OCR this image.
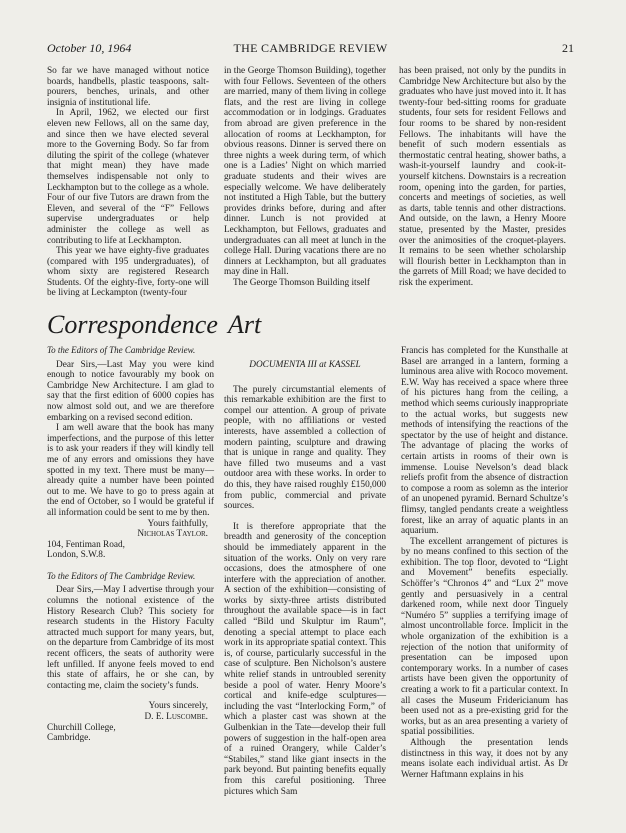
October 10, 1964	THE CAMBRIDGE REVIEW	21

So far we have managed without notice boards, handbells, plastic teaspoons, salt-pourers, benches, urinals, and other insignia of institutional life.

In April, 1962, we elected our first eleven new Fellows, all on the same day, and since then we have elected several more to the Governing Body. So far from diluting the spirit of the college (whatever that might mean) they have made themselves indispensable not only to Leckhampton but to the college as a whole. Four of our five Tutors are drawn from the Eleven, and several of the “F” Fellows supervise undergraduates or help administer the college as well as contributing to life at Leckhampton.

This year we have eighty-five graduates (compared with 195 undergraduates), of whom sixty are registered Research Students. Of the eighty-five, forty-one will be living at Leckampton (twenty-four

in the George Thomson Building), together with four Fellows. Seventeen of the others are married, many of them living in college flats, and the rest are living in college accommodation or in lodgings. Graduates from abroad are given preference in the allocation of rooms at Leckhampton, for obvious reasons. Dinner is served there on three nights a week during term, of which one is a Ladies’ Night on which married graduate students and their wives are especially welcome. We have deliberately not instituted a High Table, but the buttery provides drinks before, during and after dinner. Lunch is not provided at Leckhampton, but Fellows, graduates and undergraduates can all meet at lunch in the college Hall. During vacations there are no dinners at Leckhampton, but all graduates may dine in Hall.

The George Thomson Building itself

has been praised, not only by the pundits in Cambridge New Architecture but also by the graduates who have just moved into it. It has twenty-four bed-sitting rooms for graduate students, four sets for resident Fellows and four rooms to be shared by non-resident Fellows. The inhabitants will have the benefit of such modern essentials as thermostatic central heating, shower baths, a wash-it-yourself laundry and cook-it-yourself kitchens. Downstairs is a recreation room, opening into the garden, for parties, concerts and meetings of societies, as well as darts, table tennis and other distractions. And outside, on the lawn, a Henry Moore statue, presented by the Master, presides over the animosities of the croquet-players. It remains to be seen whether scholarship will flourish better in Leckhampton than in the garrets of Mill Road; we have decided to risk the experiment.

Correspondence

To the Editors of The Cambridge Review.

Dear Sirs,—Last May you were kind enough to notice favourably my book on Cambridge New Architecture. I am glad to say that the first edition of 6000 copies has now almost sold out, and we are therefore embarking on a revised second edition.

I am well aware that the book has many imperfections, and the purpose of this letter is to ask your readers if they will kindly tell me of any errors and omissions they have spotted in my text. There must be many—already quite a number have been pointed out to me. We have to go to press again at the end of October, so I would be grateful if all information could be sent to me by then.

Yours faithfully,

Nicholas Taylor.

104, Fentiman Road,

London, S.W.8.

To the Editors of The Cambridge Review.

Dear Sirs,—May I advertise through your columns the notional existence of the History Research Club? This society for research students in the History Faculty attracted much support for many years, but, on the departure from Cambridge of its most recent officers, the seats of authority were left unfilled. If anyone feels moved to end this state of affairs, he or she can, by contacting me, claim the society’s funds.

Yours sincerely,

D. E. Luscombe.

Churchill College,

Cambridge.

Art

DOCUMENTA III at KASSEL

The purely circumstantial elements of this remarkable exhibition are the first to compel our attention. A group of private people, with no affiliations or vested interests, have assembled a collection of modern painting, sculpture and drawing that is unique in range and quality. They have filled two museums and a vast outdoor area with these works. In order to do this, they have raised roughly £150,000 from public, commercial and private sources.

It is therefore appropriate that the breadth and generosity of the conception should be immediately apparent in the situation of the works. Only on very rare occasions, does the atmosphere of one interfere with the appreciation of another. A section of the exhibition—consisting of works by sixty-three artists distributed throughout the available space—is in fact called “Bild und Skulptur im Raum”, denoting a special attempt to place each work in its appropriate spatial context. This is, of course, particularly successful in the case of sculpture. Ben Nicholson’s austere white relief stands in untroubled serenity beside a pool of water. Henry Moore’s cortical and knife-edge sculptures—including the vast “Interlocking Form,” of which a plaster cast was shown at the Gulbenkian in the Tate—develop their full powers of suggestion in the half-open area of a ruined Orangery, while Calder’s “Stabiles,” stand like giant insects in the park beyond. But painting benefits equally from this careful positioning. Three pictures which Sam

Francis has completed for the Kunsthalle at Basel are arranged in a lantern, forming a luminous area alive with Rococo movement. E.W. Way has received a space where three of his pictures hang from the ceiling, a method which seems curiously inappropriate to the actual works, but suggests new methods of intensifying the reactions of the spectator by the use of height and distance. The advantage of placing the works of certain artists in rooms of their own is immense. Louise Nevelson’s dead black reliefs profit from the absence of distraction to compose a room as solemn as the interior of an unopened pyramid. Bernard Schultze’s flimsy, tangled pendants create a weightless forest, like an array of aquatic plants in an aquarium.

The excellent arrangement of pictures is by no means confined to this section of the exhibition. The top floor, devoted to “Light and Movement” benefits especially. Schöffer’s “Chronos 4” and “Lux 2” move gently and persuasively in a central darkened room, while next door Tinguely “Numéro 5” supplies a terrifying image of almost uncontrollable force. Implicit in the whole organization of the exhibition is a rejection of the notion that uniformity of presentation can be imposed upon contemporary works. In a number of cases artists have been given the opportunity of creating a work to fit a particular context. In all cases the Museum Fridericianum has been used not as a pre-existing grid for the works, but as an area presenting a variety of spatial possibilities.

Although the presentation lends distinctness in this way, it does not by any means isolate each individual artist. As Dr Werner Haftmann explains in his
